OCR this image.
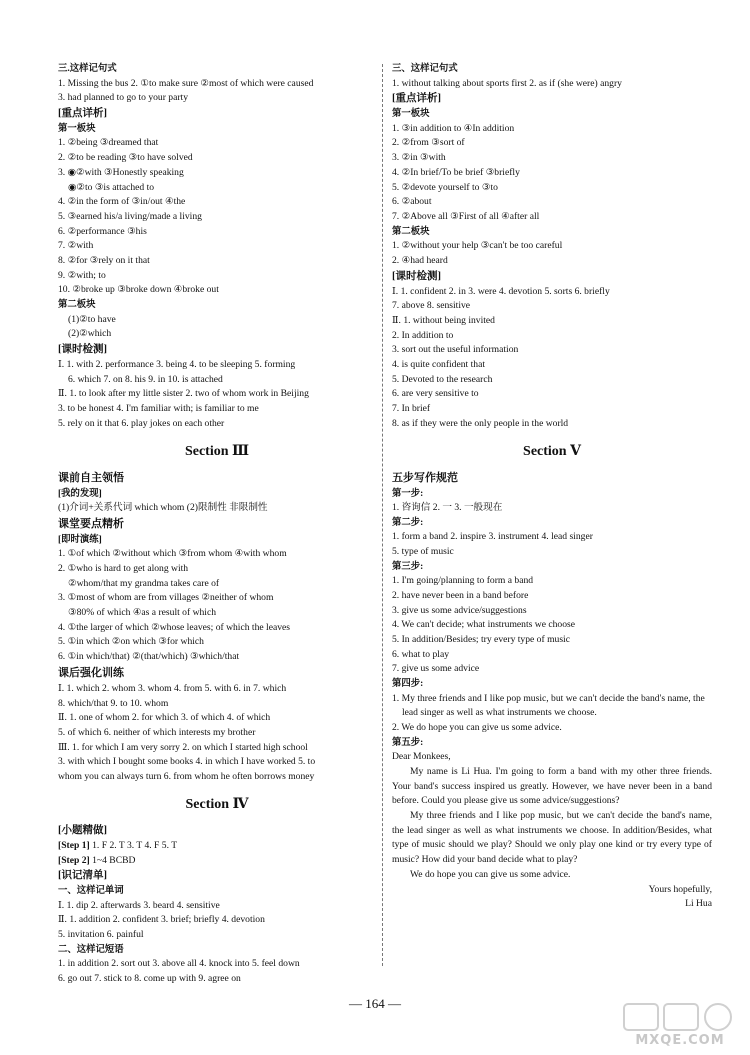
三.这样记句式
1. Missing the bus 2. ①to make sure ②most of which were caused
3. had planned to go to your party
[重点详析]
第一板块
1. ②being ③dreamed that
2. ②to be reading ③to have solved
3. ◉②with ③Honestly speaking
◉②to ③is attached to
4. ②in the form of ③in/out ④the
5. ③earned his/a living/made a living
6. ②performance ③his
7. ②with
8. ②for ③rely on it that
9. ②with; to
10. ②broke up ③broke down ④broke out
第二板块
(1)②to have
(2)②which
[课时检测]
Ⅰ. 1. with 2. performance 3. being 4. to be sleeping 5. forming
6. which 7. on 8. his 9. in 10. is attached
Ⅱ. 1. to look after my little sister 2. two of whom work in Beijing
3. to be honest 4. I'm familiar with; is familiar to me
5. rely on it that 6. play jokes on each other
Section Ⅲ
课前自主领悟
[我的发现]
(1)介词+关系代词 which whom (2)限制性 非限制性
课堂要点精析
[即时演练]
1. ①of which ②without which ③from whom ④with whom
2. ①who is hard to get along with
②whom/that my grandma takes care of
3. ①most of whom are from villages ②neither of whom
③80% of which ④as a result of which
4. ①the larger of which ②whose leaves; of which the leaves
5. ①in which ②on which ③for which
6. ①in which/that) ②(that/which) ③which/that
课后强化训练
Ⅰ. 1. which 2. whom 3. whom 4. from 5. with 6. in 7. which
8. which/that 9. to 10. whom
Ⅱ. 1. one of whom 2. for which 3. of which 4. of which
5. of which 6. neither of which interests my brother
Ⅲ. 1. for which I am very sorry 2. on which I started high school
3. with which I bought some books 4. in which I have worked 5. to
whom you can always turn 6. from whom he often borrows money
Section Ⅳ
[小题精做]
[Step 1] 1. F 2. T 3. T 4. F 5. T
[Step 2] 1~4 BCBD
[识记清单]
一、这样记单词
Ⅰ. 1. dip 2. afterwards 3. beard 4. sensitive
Ⅱ. 1. addition 2. confident 3. brief; briefly 4. devotion
5. invitation 6. painful
二、这样记短语
1. in addition 2. sort out 3. above all 4. knock into 5. feel down
6. go out 7. stick to 8. come up with 9. agree on
三、这样记句式
1. without talking about sports first 2. as if (she were) angry
[重点详析]
第一板块
1. ③in addition to ④In addition
2. ②from ③sort of
3. ②in ③with
4. ②In brief/To be brief ③briefly
5. ②devote yourself to ③to
6. ②about
7. ②Above all ③First of all ④after all
第二板块
1. ②without your help ③can't be too careful
2. ④had heard
[课时检测]
Ⅰ. 1. confident 2. in 3. were 4. devotion 5. sorts 6. briefly
7. above 8. sensitive
Ⅱ. 1. without being invited
2. In addition to
3. sort out the useful information
4. is quite confident that
5. Devoted to the research
6. are very sensitive to
7. In brief
8. as if they were the only people in the world
Section Ⅴ
五步写作规范
第一步:
1. 咨询信 2. 一 3. 一般现在
第二步:
1. form a band 2. inspire 3. instrument 4. lead singer
5. type of music
第三步:
1. I'm going/planning to form a band
2. have never been in a band before
3. give us some advice/suggestions
4. We can't decide; what instruments we choose
5. In addition/Besides; try every type of music
6. what to play
7. give us some advice
第四步:
1. My three friends and I like pop music, but we can't decide the band's name, the lead singer as well as what instruments we choose.
2. We do hope you can give us some advice.
第五步:
Dear Monkees,
My name is Li Hua. I'm going to form a band with my other three friends. Your band's success inspired us greatly. However, we have never been in a band before. Could you please give us some advice/suggestions?
My three friends and I like pop music, but we can't decide the band's name, the lead singer as well as what instruments we choose. In addition/Besides, what type of music should we play? Should we only play one kind or try every type of music? How did your band decide what to play?
We do hope you can give us some advice.
Yours hopefully,
Li Hua
— 164 —
MXQE.COM
